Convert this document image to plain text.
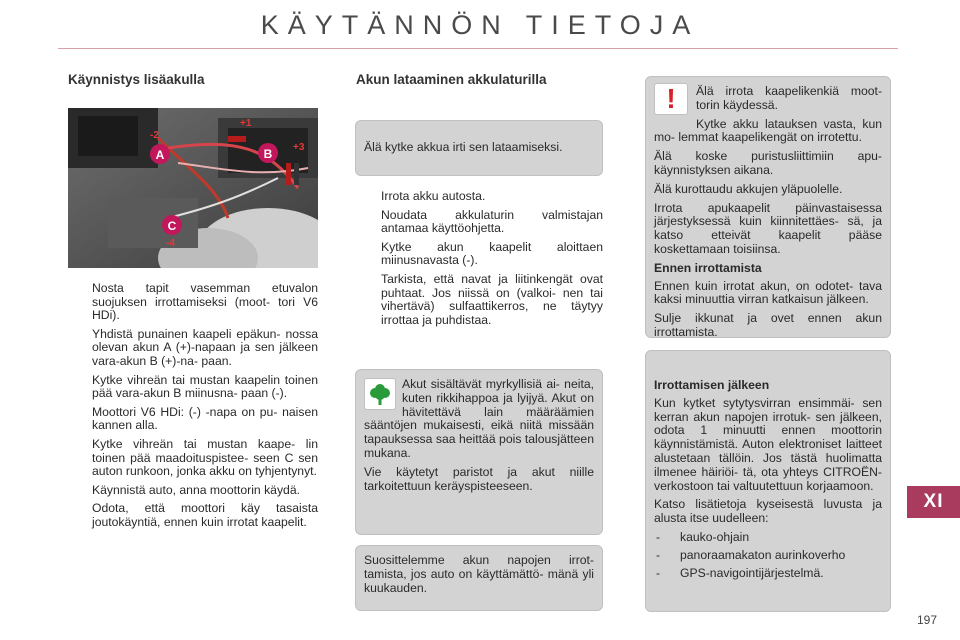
KÄYTÄNNÖN TIETOJA
Käynnistys lisäakulla
A	B
C
+1
-2
+3
-4
Nosta tapit vasemman etuvalon suojuksen irrottamiseksi (moot- tori V6 HDi).
Yhdistä punainen kaapeli epäkun- nossa olevan akun A (+)-napaan ja sen jälkeen vara-akun B (+)-na- paan.
Kytke vihreän tai mustan kaapelin toinen pää vara-akun B miinusna- paan (-).
Moottori V6 HDi: (-) -napa on pu- naisen kannen alla.
Kytke vihreän tai mustan kaape- lin toinen pää maadoituspistee- seen C sen auton runkoon, jonka akku on tyhjentynyt.
Käynnistä auto, anna moottorin käydä.
Odota, että moottori käy tasaista joutokäyntiä, ennen kuin irrotat kaapelit.
Akun lataaminen akkulaturilla
Älä kytke akkua irti sen lataamiseksi.
Irrota akku autosta.
Noudata akkulaturin valmistajan antamaa käyttöohjetta.
Kytke akun kaapelit aloittaen miinusnavasta (-).
Tarkista, että navat ja liitinkengät ovat puhtaat. Jos niissä on (valkoi- nen tai vihertävä) sulfaattikerros, ne täytyy irrottaa ja puhdistaa.

Akut sisältävät myrkyllisiä ai- neita, kuten rikkihappoa ja lyijyä. Akut on hävitettävä lain määräämien sääntöjen mukaisesti, eikä niitä missään tapauksessa saa heittää pois talousjätteen mukana.

Vie käytetyt paristot ja akut niille tarkoitettuun keräyspisteeseen.

Suosittelemme akun napojen irrot- tamista, jos auto on käyttämättö- mänä yli kuukauden.

!	Älä irrota kaapelikenkiä moot- torin käydessä.

Kytke akku latauksen vasta, kun mo- lemmat kaapelikengät on irrotettu.

Älä koske puristusliittimiin apu- käynnistyksen aikana.

Älä kurottaudu akkujen yläpuolelle.

Irrota apukaapelit päinvastaisessa järjestyksessä kuin kiinnitettäes- sä, ja katso etteivät kaapelit pääse koskettamaan toisiinsa.

Ennen irrottamista

Ennen kuin irrotat akun, on odotet- tava kaksi minuuttia virran katkaisun jälkeen.

Sulje ikkunat ja ovet ennen akun irrottamista.

Irrottamisen jälkeen

Kun kytket sytytysvirran ensimmäi- sen kerran akun napojen irrotuk- sen jälkeen, odota 1 minuutti ennen moottorin käynnistämistä. Auton elektroniset laitteet alustetaan tällöin. Jos tästä huolimatta ilmenee häiriöi- tä, ota yhteys CITROËN-verkostoon tai valtuutettuun korjaamoon.

Katso lisätietoja kyseisestä luvusta ja alusta itse uudelleen:

- kauko-ohjain
- panoraamakaton aurinkoverho
- GPS-navigointijärjestelmä.
XI
197
